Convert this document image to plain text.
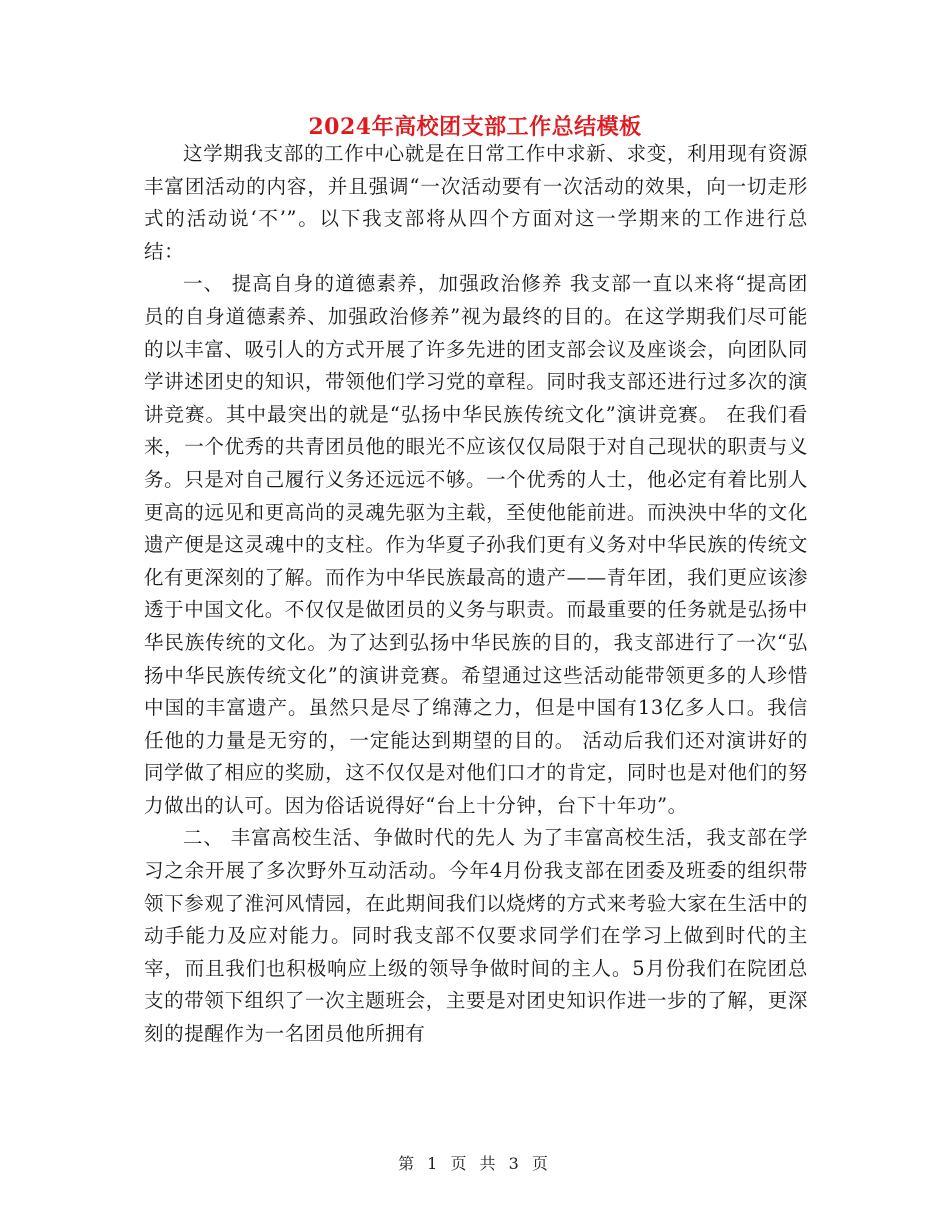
2024年高校团支部工作总结模板

这学期我支部的工作中心就是在日常工作中求新、求变，利用现有资源丰富团活动的内容，并且强调“一次活动要有一次活动的效果，向一切走形式的活动说‘不’”。以下我支部将从四个方面对这一学期来的工作进行总结：

一、 提高自身的道德素养，加强政治修养 我支部一直以来将“提高团员的自身道德素养、加强政治修养”视为最终的目的。在这学期我们尽可能的以丰富、吸引人的方式开展了许多先进的团支部会议及座谈会，向团队同学讲述团史的知识，带领他们学习党的章程。同时我支部还进行过多次的演讲竞赛。其中最突出的就是“弘扬中华民族传统文化”演讲竞赛。 在我们看来，一个优秀的共青团员他的眼光不应该仅仅局限于对自己现状的职责与义务。只是对自己履行义务还远远不够。一个优秀的人士，他必定有着比别人更高的远见和更高尚的灵魂先驱为主载，至使他能前进。而泱泱中华的文化遗产便是这灵魂中的支柱。作为华夏子孙我们更有义务对中华民族的传统文化有更深刻的了解。而作为中华民族最高的遗产——青年团，我们更应该渗透于中国文化。不仅仅是做团员的义务与职责。而最重要的任务就是弘扬中华民族传统的文化。为了达到弘扬中华民族的目的，我支部进行了一次“弘扬中华民族传统文化”的演讲竞赛。希望通过这些活动能带领更多的人珍惜中国的丰富遗产。虽然只是尽了绵薄之力，但是中国有13亿多人口。我信任他的力量是无穷的，一定能达到期望的目的。 活动后我们还对演讲好的同学做了相应的奖励，这不仅仅是对他们口才的肯定，同时也是对他们的努力做出的认可。因为俗话说得好“台上十分钟，台下十年功”。

二、 丰富高校生活、争做时代的先人 为了丰富高校生活，我支部在学习之余开展了多次野外互动活动。今年4月份我支部在团委及班委的组织带领下参观了淮河风情园，在此期间我们以烧烤的方式来考验大家在生活中的动手能力及应对能力。同时我支部不仅要求同学们在学习上做到时代的主宰，而且我们也积极响应上级的领导争做时间的主人。5月份我们在院团总支的带领下组织了一次主题班会，主要是对团史知识作进一步的了解，更深刻的提醒作为一名团员他所拥有

第 1 页 共 3 页
